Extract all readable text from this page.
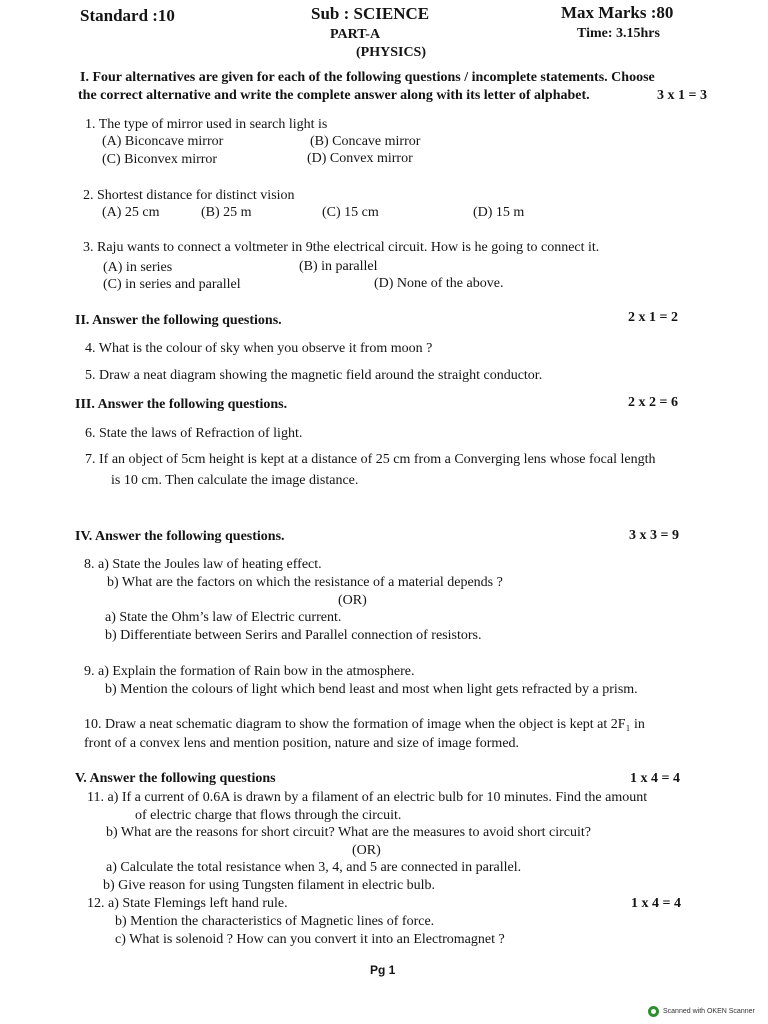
Standard :10	Sub : SCIENCE	Max Marks :80
PART-A	Time: 3.15hrs
(PHYSICS)
I. Four alternatives are given for each of the following questions / incomplete statements. Choose
the correct alternative and write the complete answer along with its letter of alphabet.	3 x 1 = 3
1. The type of mirror used in search light is
(A) Biconcave mirror	(B) Concave mirror
(C) Biconvex mirror	(D) Convex mirror
2. Shortest distance for distinct vision
(A) 25 cm	(B) 25 m	(C) 15 cm	(D) 15 m
3. Raju wants to connect a voltmeter in 9the electrical circuit. How is he going to connect it.
(A) in series	(B) in parallel
(C) in series and parallel	(D) None of the above.
II. Answer the following questions.	2 x 1 = 2
4. What is the colour of sky when you observe it from moon ?
5. Draw a neat diagram showing the magnetic field around the straight conductor.
III. Answer the following questions.	2 x 2 = 6
6. State the laws of Refraction of light.
7. If an object of 5cm height is kept at a distance of 25 cm from a Converging lens whose focal length
is 10 cm. Then calculate the image distance.
IV. Answer the following questions.	3 x 3 = 9
8. a) State the Joules law of heating effect.
b) What are the factors on which the resistance of a material depends ?
(OR)
a) State the Ohm’s law of Electric current.
b) Differentiate between Serirs and Parallel connection of resistors.
9. a) Explain the formation of Rain bow in the atmosphere.
b) Mention the colours of light which bend least and most when light gets refracted by a prism.
10. Draw a neat schematic diagram to show the formation of image when the object is kept at 2F₁ in
front of a convex lens and mention position, nature and size of image formed.
V. Answer the following questions	1 x 4 = 4
11. a) If a current of 0.6A is drawn by a filament of an electric bulb for 10 minutes. Find the amount
of electric charge that flows through the circuit.
b) What are the reasons for short circuit? What are the measures to avoid short circuit?
(OR)
a) Calculate the total resistance when 3, 4, and 5 are connected in parallel.
b) Give reason for using Tungsten filament in electric bulb.
12. a) State Flemings left hand rule.	1 x 4 = 4
b) Mention the characteristics of Magnetic lines of force.
c) What is solenoid ? How can you convert it into an Electromagnet ?
Pg 1
Scanned with OKEN Scanner
